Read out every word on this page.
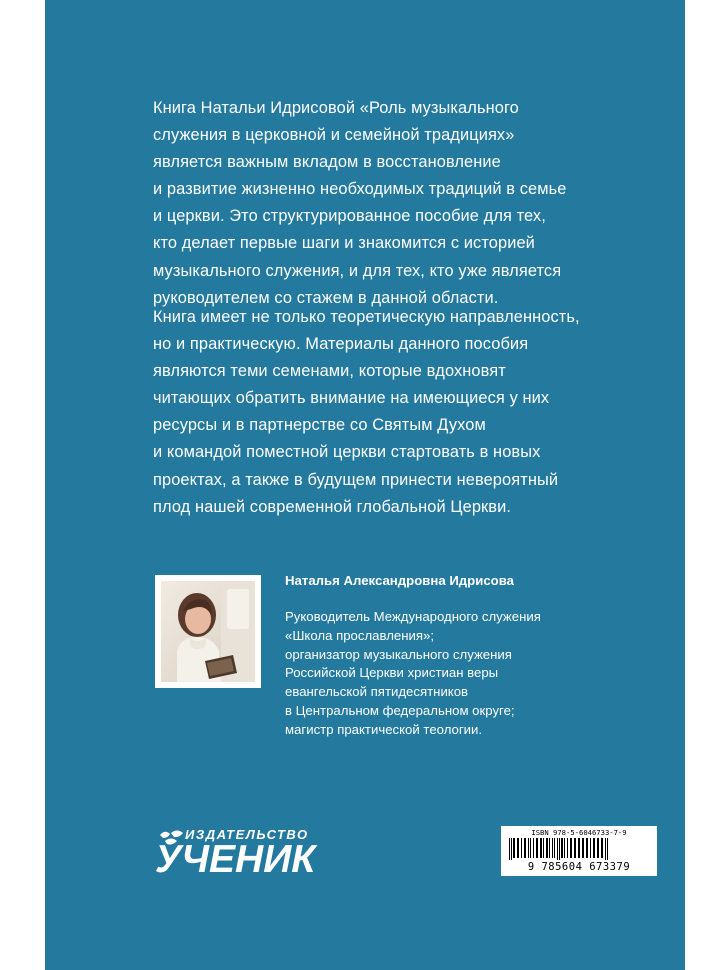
Книга Натальи Идрисовой «Роль музыкального
служения в церковной и семейной традициях»
является важным вкладом в восстановление
и развитие жизненно необходимых традиций в семье
и церкви. Это структурированное пособие для тех,
кто делает первые шаги и знакомится с историей
музыкального служения, и для тех, кто уже является
руководителем со стажем в данной области.

Книга имеет не только теоретическую направленность,
но и практическую. Материалы данного пособия
являются теми семенами, которые вдохновят
читающих обратить внимание на имеющиеся у них
ресурсы и в партнерстве со Святым Духом
и командой поместной церкви стартовать в новых
проектах, а также в будущем принести невероятный
плод нашей современной глобальной Церкви.

Наталья Александровна Идрисова
Руководитель Международного служения
«Школа прославления»;
организатор музыкального служения
Российской Церкви христиан веры
евангельской пятидесятников
в Центральном федеральном округе;
магистр практической теологии.
ИЗДАТЕЛЬСТВО
УЧЕНИК
ISBN 978-5-6046733-7-9
9 785604 673379
